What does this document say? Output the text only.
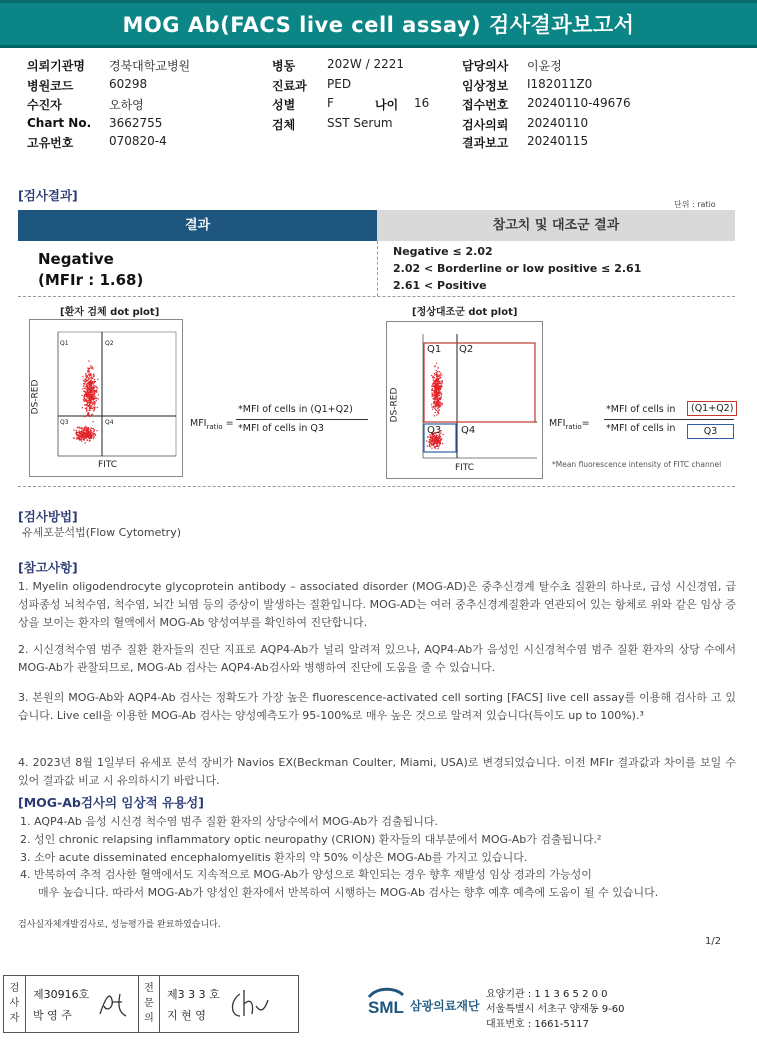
MOG Ab(FACS live cell assay) 검사결과보고서
의뢰기관명 경북대학교병원
병원코드	60298
수진자	오하영
Chart No. 3662755
고유번호	070820-4
병동	202W / 2221
진료과 PED
성별	F	나이 16
검체	SST Serum
담당의사 이윤정
임상정보 I182011Z0
접수번호 20240110-49676
검사의뢰 20240110
결과보고 20240115
[검사결과]
단위 : ratio
결과	참고치 및 대조군 결과
Negative
(MFIr : 1.68)
Negative ≤ 2.02
2.02 < Borderline or low positive ≤ 2.61
2.61 < Positive
[환자 검체 dot plot]	[정상대조군 dot plot]
Q1	Q2
Q3	Q4
DS-RED
FITC
$MFI_{ratio}$ =
*MFI of cells in (Q1+Q2)
*MFI of cells in Q3
Q1 Q2
Q3 Q4
DS-RED
FITC
$MFI_{ratio}=$
*MFI of cells in	(Q1+Q2)
*MFI of cells in	Q3
*Mean fluorescence intensity of FITC channel
[검사방법]
유세포분석법(Flow Cytometry)
[참고사항]
1. Myelin oligodendrocyte glycoprotein antibody – associated disorder (MOG-AD)은 중추신경계 탈수초 질환의 하나로, 급성 시신경염, 급성파종성 뇌척수염, 척수염, 뇌간 뇌염 등의 증상이 발생하는 질환입니다. MOG-AD는 여러 중추신경계질환과 연관되어 있는 항체로 위와 같은 임상 증상을 보이는 환자의 혈액에서 MOG-Ab 양성여부를 확인하여 진단합니다.
2. 시신경척수염 범주 질환 환자들의 진단 지표로 AQP4-Ab가 널리 알려져 있으나, AQP4-Ab가 음성인 시신경척수염 범주 질환 환자의 상당 수에서 MOG-Ab가 관찰되므로, MOG-Ab 검사는 AQP4-Ab검사와 병행하여 진단에 도움을 줄 수 있습니다.
3. 본원의 MOG-Ab와 AQP4-Ab 검사는 정확도가 가장 높은 fluorescence-activated cell sorting [FACS] live cell assay를 이용해 검사하 고 있습니다. Live cell을 이용한 MOG-Ab 검사는 양성예측도가 95-100%로 매우 높은 것으로 알려져 있습니다(특이도 up to 100%).³
4. 2023년 8월 1일부터 유세포 분석 장비가 Navios EX(Beckman Coulter, Miami, USA)로 변경되었습니다. 이전 MFIr 결과값과 차이를 보일 수 있어 결과값 비교 시 유의하시기 바랍니다.
[MOG-Ab검사의 임상적 유용성]
1. AQP4-Ab 음성 시신경 척수염 범주 질환 환자의 상당수에서 MOG-Ab가 검출됩니다.
2. 성인 chronic relapsing inflammatory optic neuropathy (CRION) 환자들의 대부분에서 MOG-Ab가 검출됩니다.²
3. 소아 acute disseminated encephalomyelitis 환자의 약 50% 이상은 MOG-Ab를 가지고 있습니다.
4. 반복하여 추적 검사한 혈액에서도 지속적으로 MOG-Ab가 양성으로 확인되는 경우 향후 재발성 임상 경과의 가능성이
매우 높습니다. 따라서 MOG-Ab가 양성인 환자에서 반복하여 시행하는 MOG-Ab 검사는 향후 예후 예측에 도움이 될 수 있습니다.
검사실자체개발검사로, 성능평가를 완료하였습니다.
1/2
검
사
자
제30916호
박 영 주
전
문
의
제3 3 3 호
지 현 영	SML 삼광의료재단
요양기관 : 1 1 3 6 5 2 0 0
서울특별시 서초구 양재동 9-60
대표번호 : 1661-5117
